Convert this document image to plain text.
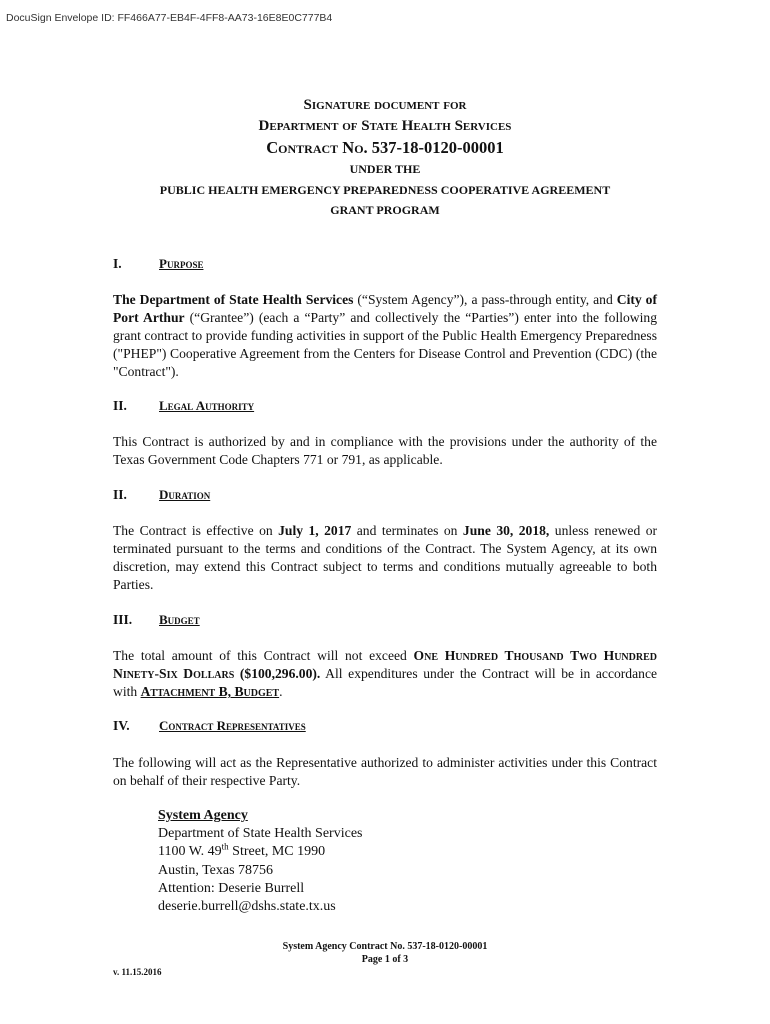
DocuSign Envelope ID: FF466A77-EB4F-4FF8-AA73-16E8E0C777B4
Signature document for
Department of State Health Services
Contract No. 537-18-0120-00001
UNDER THE
PUBLIC HEALTH EMERGENCY PREPAREDNESS COOPERATIVE AGREEMENT
GRANT PROGRAM
I.	Purpose
The Department of State Health Services (“System Agency”), a pass-through entity, and City of Port Arthur (“Grantee”) (each a “Party” and collectively the “Parties”) enter into the following grant contract to provide funding activities in support of the Public Health Emergency Preparedness ("PHEP") Cooperative Agreement from the Centers for Disease Control and Prevention (CDC) (the "Contract").
II. Legal Authority
This Contract is authorized by and in compliance with the provisions under the authority of the Texas Government Code Chapters 771 or 791, as applicable.
II. Duration
The Contract is effective on July 1, 2017 and terminates on June 30, 2018, unless renewed or terminated pursuant to the terms and conditions of the Contract. The System Agency, at its own discretion, may extend this Contract subject to terms and conditions mutually agreeable to both Parties.
III. Budget
The total amount of this Contract will not exceed One Hundred Thousand Two Hundred Ninety-Six Dollars ($100,296.00). All expenditures under the Contract will be in accordance with Attachment B, Budget.
IV. Contract Representatives
The following will act as the Representative authorized to administer activities under this Contract on behalf of their respective Party.
System Agency
Department of State Health Services
1100 W. 49th Street, MC 1990
Austin, Texas 78756
Attention: Deserie Burrell
deserie.burrell@dshs.state.tx.us
System Agency Contract No. 537-18-0120-00001
Page 1 of 3
v. 11.15.2016
